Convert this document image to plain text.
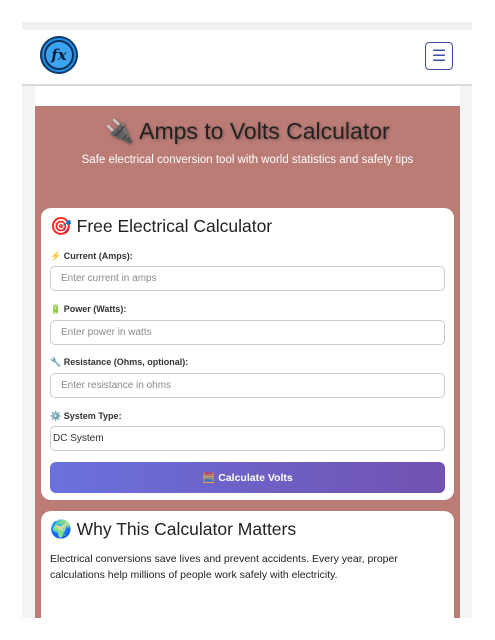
fx	☰
🔌 Amps to Volts Calculator
Safe electrical conversion tool with world statistics and safety tips
🎯 Free Electrical Calculator
⚡ Current (Amps):
Enter current in amps
🔋 Power (Watts):
Enter power in watts
🔧 Resistance (Ohms, optional):
Enter resistance in ohms
⚙️ System Type:
DC System
🧮 Calculate Volts
🌍 Why This Calculator Matters
Electrical conversions save lives and prevent accidents. Every year, proper calculations help millions of people work safely with electricity.
